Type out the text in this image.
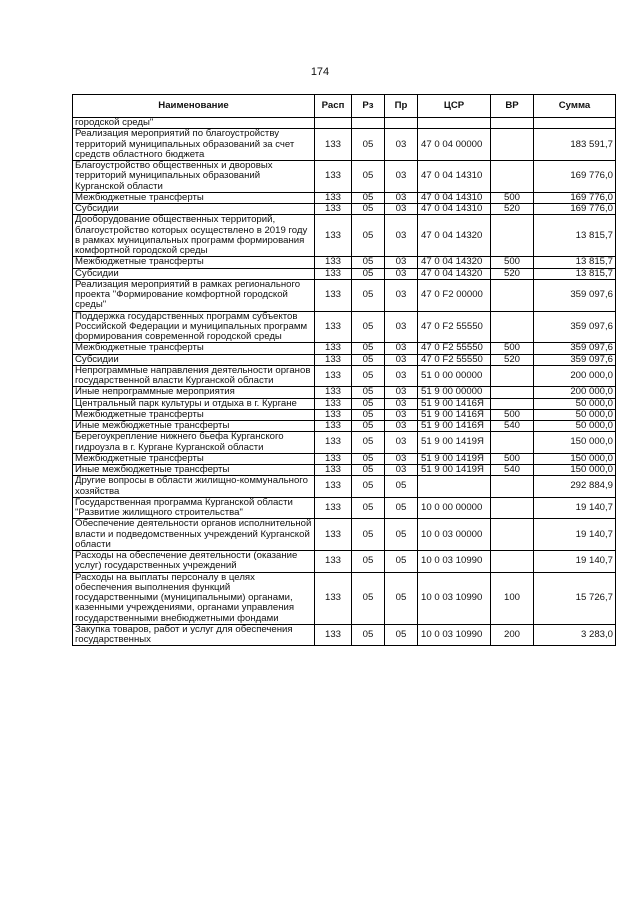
174
Наименование	Расп	Рз	Пр	ЦСР	ВР	Сумма
городской среды"						
Реализация мероприятий по благоустройству территорий муниципальных образований за счет средств областного бюджета	133	05	03	47 0 04 00000		183 591,7
Благоустройство общественных и дворовых территорий муниципальных образований Курганской области	133	05	03	47 0 04 14310		169 776,0
Межбюджетные трансферты	133	05	03	47 0 04 14310	500	169 776,0
Субсидии	133	05	03	47 0 04 14310	520	169 776,0
Дооборудование общественных территорий, благоустройство которых осуществлено в 2019 году в рамках муниципальных программ формирования комфортной городской среды	133	05	03	47 0 04 14320		13 815,7
Межбюджетные трансферты	133	05	03	47 0 04 14320	500	13 815,7
Субсидии	133	05	03	47 0 04 14320	520	13 815,7
Реализация мероприятий в рамках регионального проекта "Формирование комфортной городской среды"	133	05	03	47 0 F2 00000		359 097,6
Поддержка государственных программ субъектов Российской Федерации и муниципальных программ формирования современной городской среды	133	05	03	47 0 F2 55550		359 097,6
Межбюджетные трансферты	133	05	03	47 0 F2 55550	500	359 097,6
Субсидии	133	05	03	47 0 F2 55550	520	359 097,6
Непрограммные направления деятельности органов государственной власти Курганской области	133	05	03	51 0 00 00000		200 000,0
Иные непрограммные мероприятия	133	05	03	51 9 00 00000		200 000,0
Центральный парк культуры и отдыха в г. Кургане	133	05	03	51 9 00 1416Я		50 000,0
Межбюджетные трансферты	133	05	03	51 9 00 1416Я	500	50 000,0
Иные межбюджетные трансферты	133	05	03	51 9 00 1416Я	540	50 000,0
Берегоукрепление нижнего бьефа Курганского гидроузла в г. Кургане Курганской области	133	05	03	51 9 00 1419Я		150 000,0
Межбюджетные трансферты	133	05	03	51 9 00 1419Я	500	150 000,0
Иные межбюджетные трансферты	133	05	03	51 9 00 1419Я	540	150 000,0
Другие вопросы в области жилищно-коммунального хозяйства	133	05	05			292 884,9
Государственная программа Курганской области "Развитие жилищного строительства"	133	05	05	10 0 00 00000		19 140,7
Обеспечение деятельности органов исполнительной власти и подведомственных учреждений Курганской области	133	05	05	10 0 03 00000		19 140,7
Расходы на обеспечение деятельности (оказание услуг) государственных учреждений	133	05	05	10 0 03 10990		19 140,7
Расходы на выплаты персоналу в целях обеспечения выполнения функций государственными (муниципальными) органами, казенными учреждениями, органами управления государственными внебюджетными фондами	133	05	05	10 0 03 10990	100	15 726,7
Закупка товаров, работ и услуг для обеспечения государственных	133	05	05	10 0 03 10990	200	3 283,0
